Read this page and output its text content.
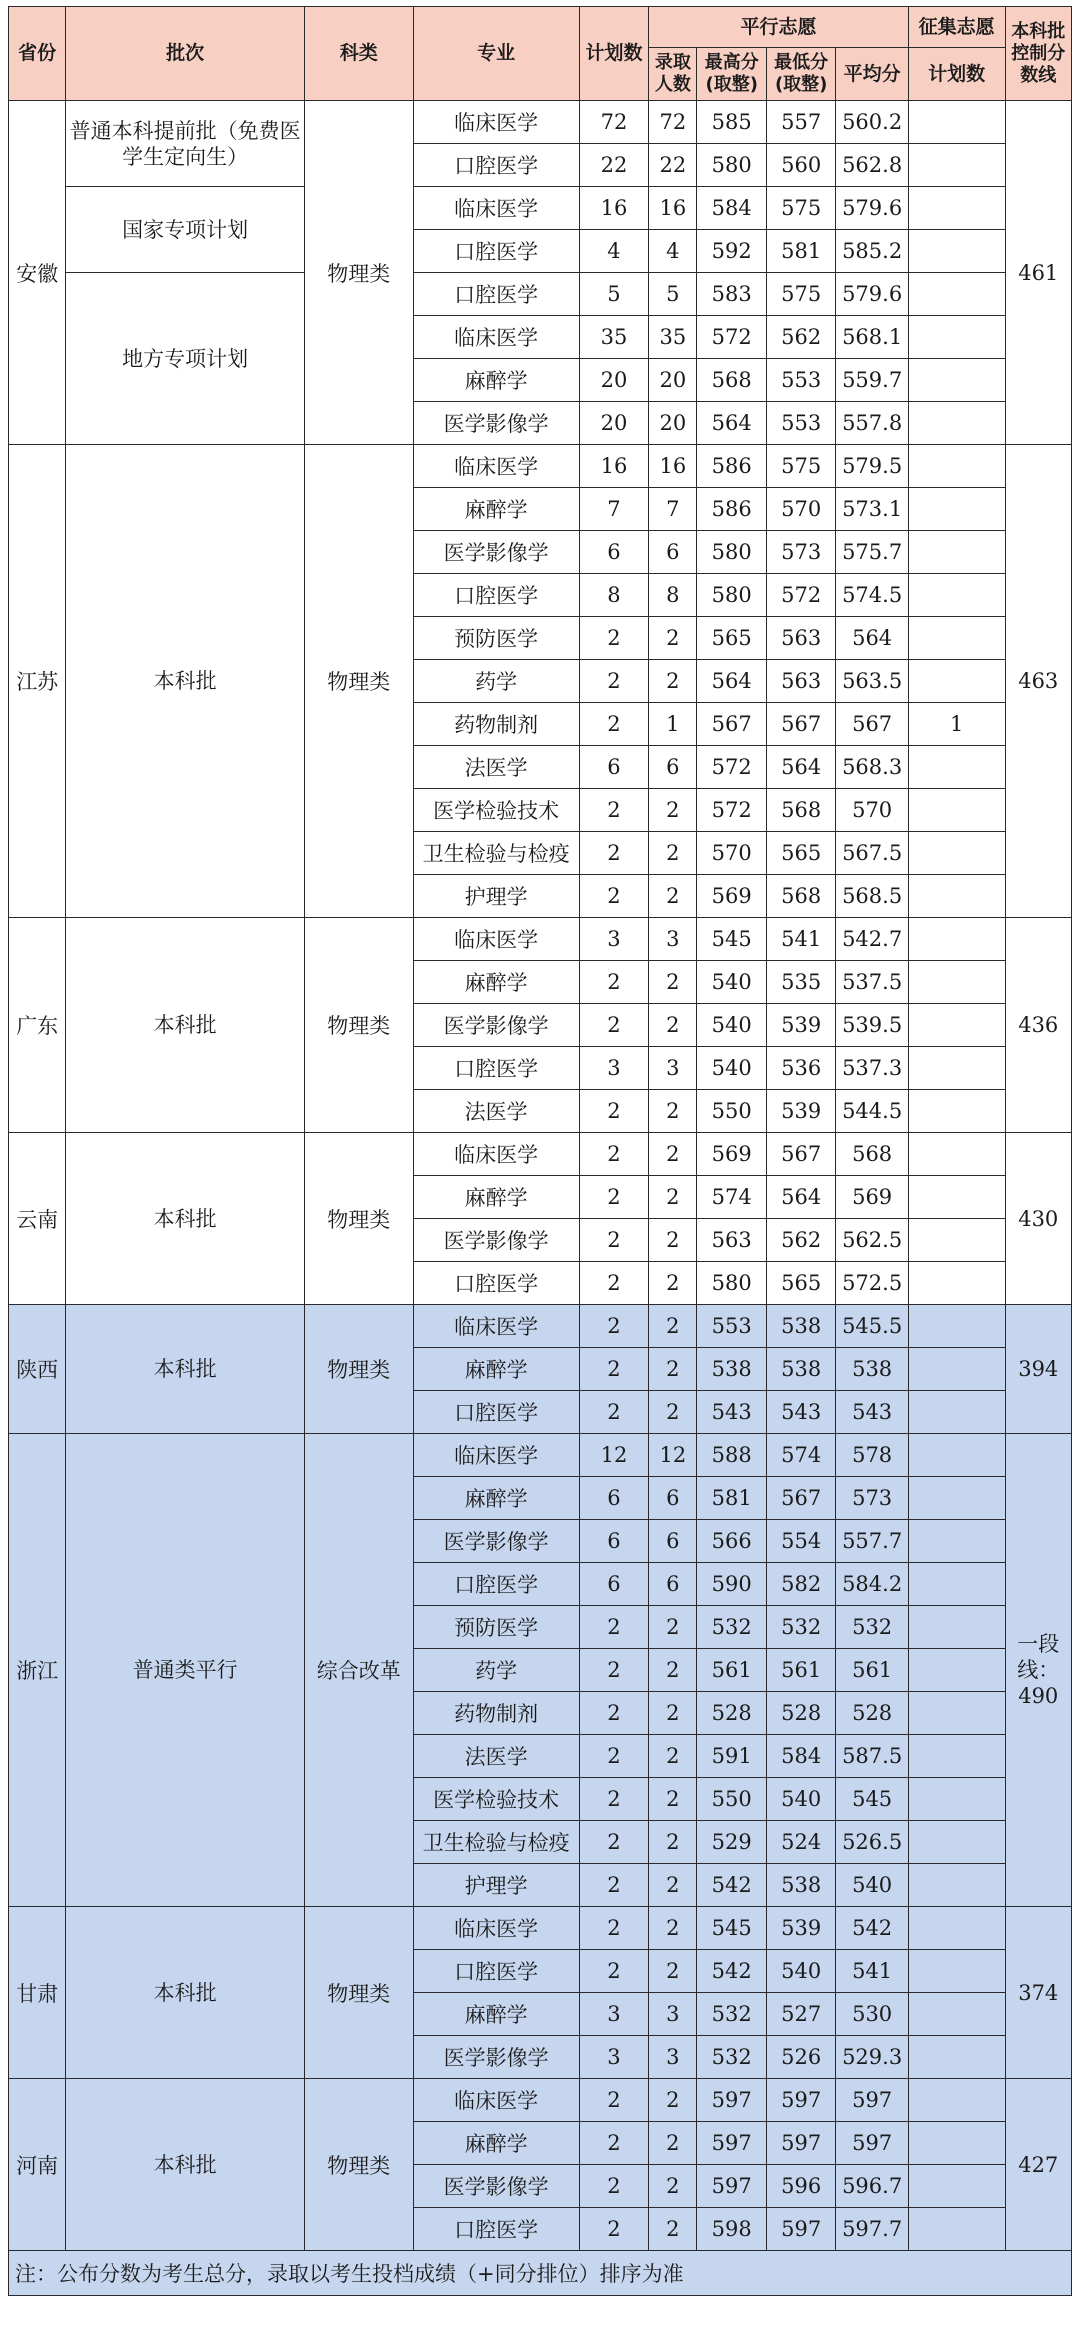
省份	批次	科类	专业	计划数	平行志愿				征集志愿	本科批控制分数线
					录取人数	最高分(取整)	最低分(取整)	平均分	计划数	
安徽	普通本科提前批（免费医学生定向生）	物理类	临床医学	72	72	585	557	560.2		461
			口腔医学	22	22	580	560	562.8		
	国家专项计划		临床医学	16	16	584	575	579.6		
			口腔医学	4	4	592	581	585.2		
	地方专项计划		口腔医学	5	5	583	575	579.6		
			临床医学	35	35	572	562	568.1		
			麻醉学	20	20	568	553	559.7		
			医学影像学	20	20	564	553	557.8		
江苏	本科批	物理类	临床医学	16	16	586	575	579.5		463
			麻醉学	7	7	586	570	573.1		
			医学影像学	6	6	580	573	575.7		
			口腔医学	8	8	580	572	574.5		
			预防医学	2	2	565	563	564		
			药学	2	2	564	563	563.5		
			药物制剂	2	1	567	567	567	1	
			法医学	6	6	572	564	568.3		
			医学检验技术	2	2	572	568	570		
			卫生检验与检疫	2	2	570	565	567.5		
			护理学	2	2	569	568	568.5		
广东	本科批	物理类	临床医学	3	3	545	541	542.7		436
			麻醉学	2	2	540	535	537.5		
			医学影像学	2	2	540	539	539.5		
			口腔医学	3	3	540	536	537.3		
			法医学	2	2	550	539	544.5		
云南	本科批	物理类	临床医学	2	2	569	567	568		430
			麻醉学	2	2	574	564	569		
			医学影像学	2	2	563	562	562.5		
			口腔医学	2	2	580	565	572.5		
陕西	本科批	物理类	临床医学	2	2	553	538	545.5		394
			麻醉学	2	2	538	538	538		
			口腔医学	2	2	543	543	543		
浙江	普通类平行	综合改革	临床医学	12	12	588	574	578		一段线：490
			麻醉学	6	6	581	567	573		
			医学影像学	6	6	566	554	557.7		
			口腔医学	6	6	590	582	584.2		
			预防医学	2	2	532	532	532		
			药学	2	2	561	561	561		
			药物制剂	2	2	528	528	528		
			法医学	2	2	591	584	587.5		
			医学检验技术	2	2	550	540	545		
			卫生检验与检疫	2	2	529	524	526.5		
			护理学	2	2	542	538	540		
甘肃	本科批	物理类	临床医学	2	2	545	539	542		374
			口腔医学	2	2	542	540	541		
			麻醉学	3	3	532	527	530		
			医学影像学	3	3	532	526	529.3		
河南	本科批	物理类	临床医学	2	2	597	597	597		427
			麻醉学	2	2	597	597	597		
			医学影像学	2	2	597	596	596.7		
			口腔医学	2	2	598	597	597.7		
注：公布分数为考生总分，录取以考生投档成绩（+同分排位）排序为准										
